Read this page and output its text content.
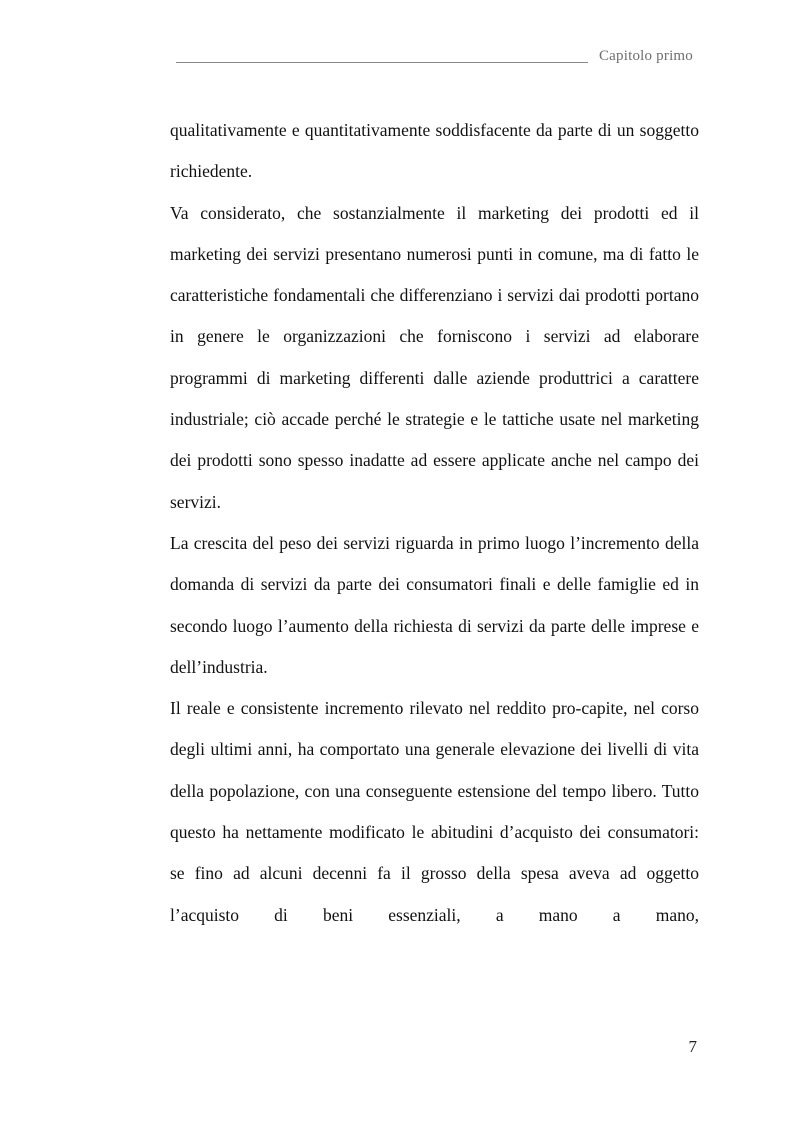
Capitolo primo

qualitativamente e quantitativamente soddisfacente da parte di un soggetto richiedente.

Va considerato, che sostanzialmente il marketing dei prodotti ed il marketing dei servizi presentano numerosi punti in comune, ma di fatto le caratteristiche fondamentali che differenziano i servizi dai prodotti portano in genere le organizzazioni che forniscono i servizi ad elaborare programmi di marketing differenti dalle aziende produttrici a carattere industriale; ciò accade perché le strategie e le tattiche usate nel marketing dei prodotti sono spesso inadatte ad essere applicate anche nel campo dei servizi.

La crescita del peso dei servizi riguarda in primo luogo l’incremento della domanda di servizi da parte dei consumatori finali e delle famiglie ed in secondo luogo l’aumento della richiesta di servizi da parte delle imprese e dell’industria.

Il reale e consistente incremento rilevato nel reddito pro-capite, nel corso degli ultimi anni, ha comportato una generale elevazione dei livelli di vita della popolazione, con una conseguente estensione del tempo libero. Tutto questo ha nettamente modificato le abitudini d’acquisto dei consumatori: se fino ad alcuni decenni fa il grosso della spesa aveva ad oggetto l’acquisto di beni essenziali, a mano a mano,

7
